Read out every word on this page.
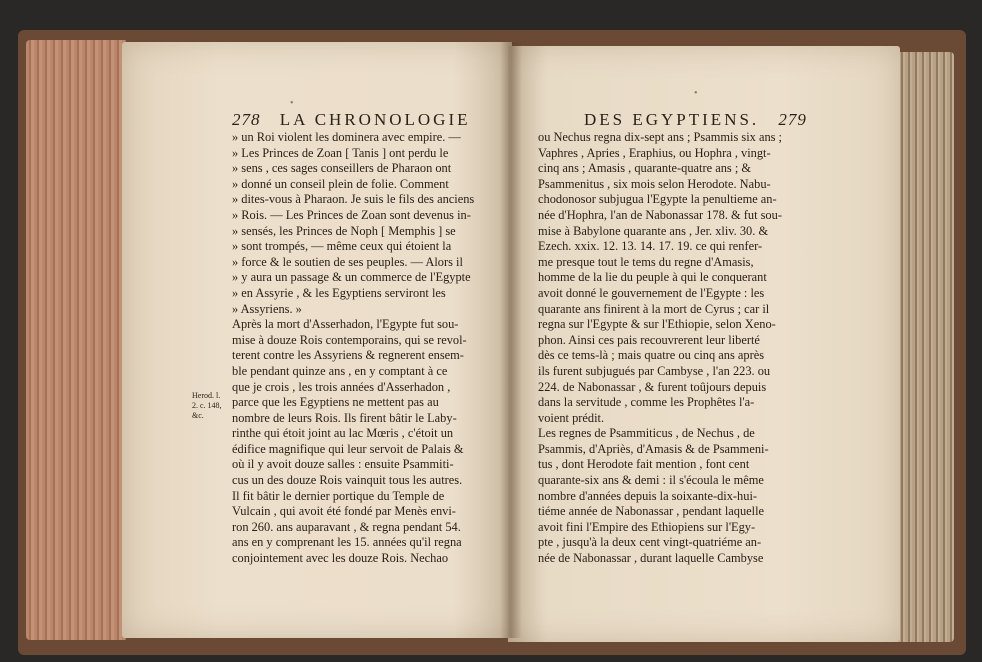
•
•
278 LA CHRONOLOGIE
» un Roi violent les dominera avec empire. —
» Les Princes de Zoan [ Tanis ] ont perdu le
» sens , ces sages conseillers de Pharaon ont
» donné un conseil plein de folie. Comment
» dites-vous à Pharaon. Je suis le fils des anciens
» Rois. — Les Princes de Zoan sont devenus in-
» sensés, les Princes de Noph [ Memphis ] se
» sont trompés, — même ceux qui étoient la
» force & le soutien de ses peuples. — Alors il
» y aura un passage & un commerce de l'Egypte
» en Assyrie , & les Egyptiens serviront les
» Assyriens. »
Après la mort d'Asserhadon, l'Egypte fut sou-
mise à douze Rois contemporains, qui se revol-
terent contre les Assyriens & regnerent ensem-
ble pendant quinze ans , en y comptant à ce
que je crois , les trois années d'Asserhadon ,
parce que les Egyptiens ne mettent pas au
nombre de leurs Rois. Ils firent bâtir le Laby-
rinthe qui étoit joint au lac Mœris , c'étoit un
édifice magnifique qui leur servoit de Palais &
où il y avoit douze salles : ensuite Psammiti-
cus un des douze Rois vainquit tous les autres.
Il fit bâtir le dernier portique du Temple de
Vulcain , qui avoit été fondé par Menès envi-
ron 260. ans auparavant , & regna pendant 54.
ans en y comprenant les 15. années qu'il regna
conjointement avec les douze Rois. Nechao
Herod. l.
2. c. 148,
&c.
DES EGYPTIENS. 279
ou Nechus regna dix-sept ans ; Psammis six ans ;
Vaphres , Apries , Eraphius, ou Hophra , vingt-
cinq ans ; Amasis , quarante-quatre ans ; &
Psammenitus , six mois selon Herodote. Nabu-
chodonosor subjugua l'Egypte la penultieme an-
née d'Hophra, l'an de Nabonassar 178. & fut sou-
mise à Babylone quarante ans , Jer. xliv. 30. &
Ezech. xxix. 12. 13. 14. 17. 19. ce qui renfer-
me presque tout le tems du regne d'Amasis,
homme de la lie du peuple à qui le conquerant
avoit donné le gouvernement de l'Egypte : les
quarante ans finirent à la mort de Cyrus ; car il
regna sur l'Egypte & sur l'Ethiopie, selon Xeno-
phon. Ainsi ces pais recouvrerent leur liberté
dès ce tems-là ; mais quatre ou cinq ans après
ils furent subjugués par Cambyse , l'an 223. ou
224. de Nabonassar , & furent toûjours depuis
dans la servitude , comme les Prophêtes l'a-
voient prédit.
Les regnes de Psammiticus , de Nechus , de
Psammis, d'Apriès, d'Amasis & de Psammeni-
tus , dont Herodote fait mention , font cent
quarante-six ans & demi : il s'écoula le même
nombre d'années depuis la soixante-dix-hui-
tiéme année de Nabonassar , pendant laquelle
avoit fini l'Empire des Ethiopiens sur l'Egy-
pte , jusqu'à la deux cent vingt-quatriéme an-
née de Nabonassar , durant laquelle Cambyse
